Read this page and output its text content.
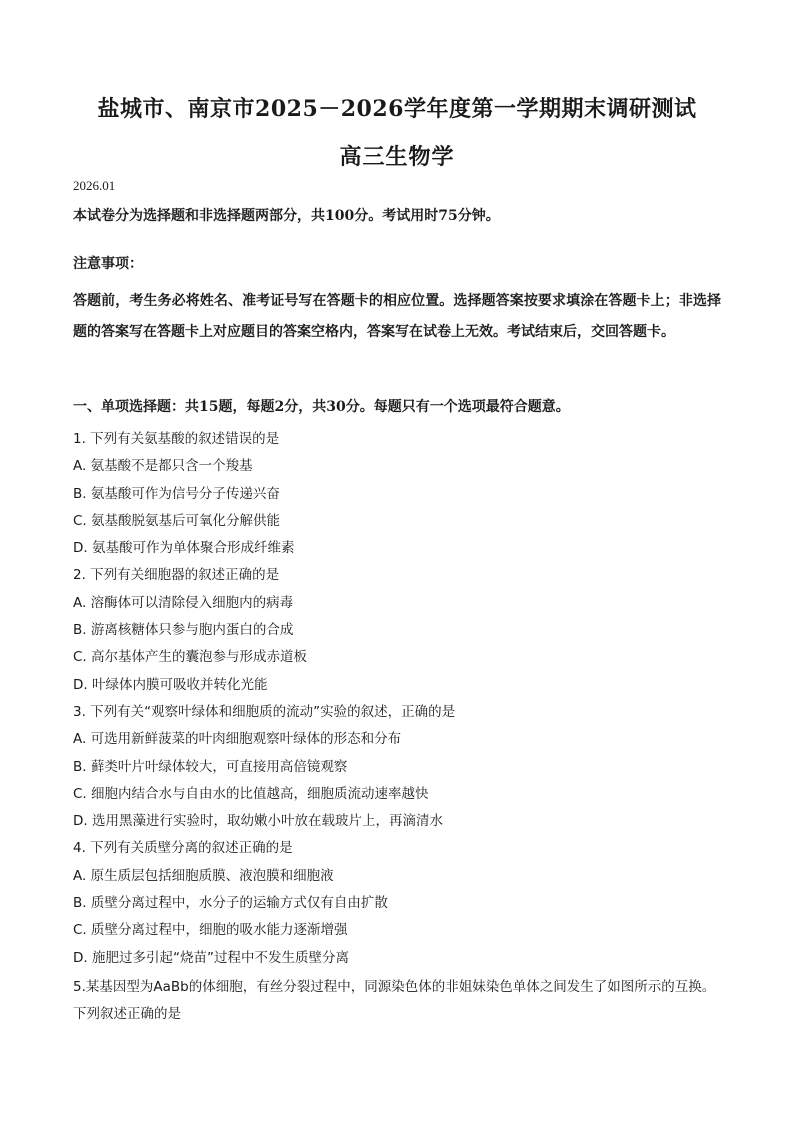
盐城市、南京市2025－2026学年度第一学期期末调研测试
高三生物学
2026.01
本试卷分为选择题和非选择题两部分，共100分。考试用时75分钟。
注意事项：
答题前，考生务必将姓名、准考证号写在答题卡的相应位置。选择题答案按要求填涂在答题卡上；非选择题的答案写在答题卡上对应题目的答案空格内，答案写在试卷上无效。考试结束后，交回答题卡。
一、单项选择题：共15题，每题2分，共30分。每题只有一个选项最符合题意。
1. 下列有关氨基酸的叙述错误的是
A. 氨基酸不是都只含一个羧基
B. 氨基酸可作为信号分子传递兴奋
C. 氨基酸脱氨基后可氧化分解供能
D. 氨基酸可作为单体聚合形成纤维素
2. 下列有关细胞器的叙述正确的是
A. 溶酶体可以清除侵入细胞内的病毒
B. 游离核糖体只参与胞内蛋白的合成
C. 高尔基体产生的囊泡参与形成赤道板
D. 叶绿体内膜可吸收并转化光能
3. 下列有关“观察叶绿体和细胞质的流动”实验的叙述，正确的是
A. 可选用新鲜菠菜的叶肉细胞观察叶绿体的形态和分布
B. 藓类叶片叶绿体较大，可直接用高倍镜观察
C. 细胞内结合水与自由水的比值越高，细胞质流动速率越快
D. 选用黑藻进行实验时，取幼嫩小叶放在载玻片上，再滴清水
4. 下列有关质壁分离的叙述正确的是
A. 原生质层包括细胞质膜、液泡膜和细胞液
B. 质壁分离过程中，水分子的运输方式仅有自由扩散
C. 质壁分离过程中，细胞的吸水能力逐渐增强
D. 施肥过多引起“烧苗”过程中不发生质壁分离
5.某基因型为AaBb的体细胞，有丝分裂过程中，同源染色体的非姐妹染色单体之间发生了如图所示的互换。下列叙述正确的是
